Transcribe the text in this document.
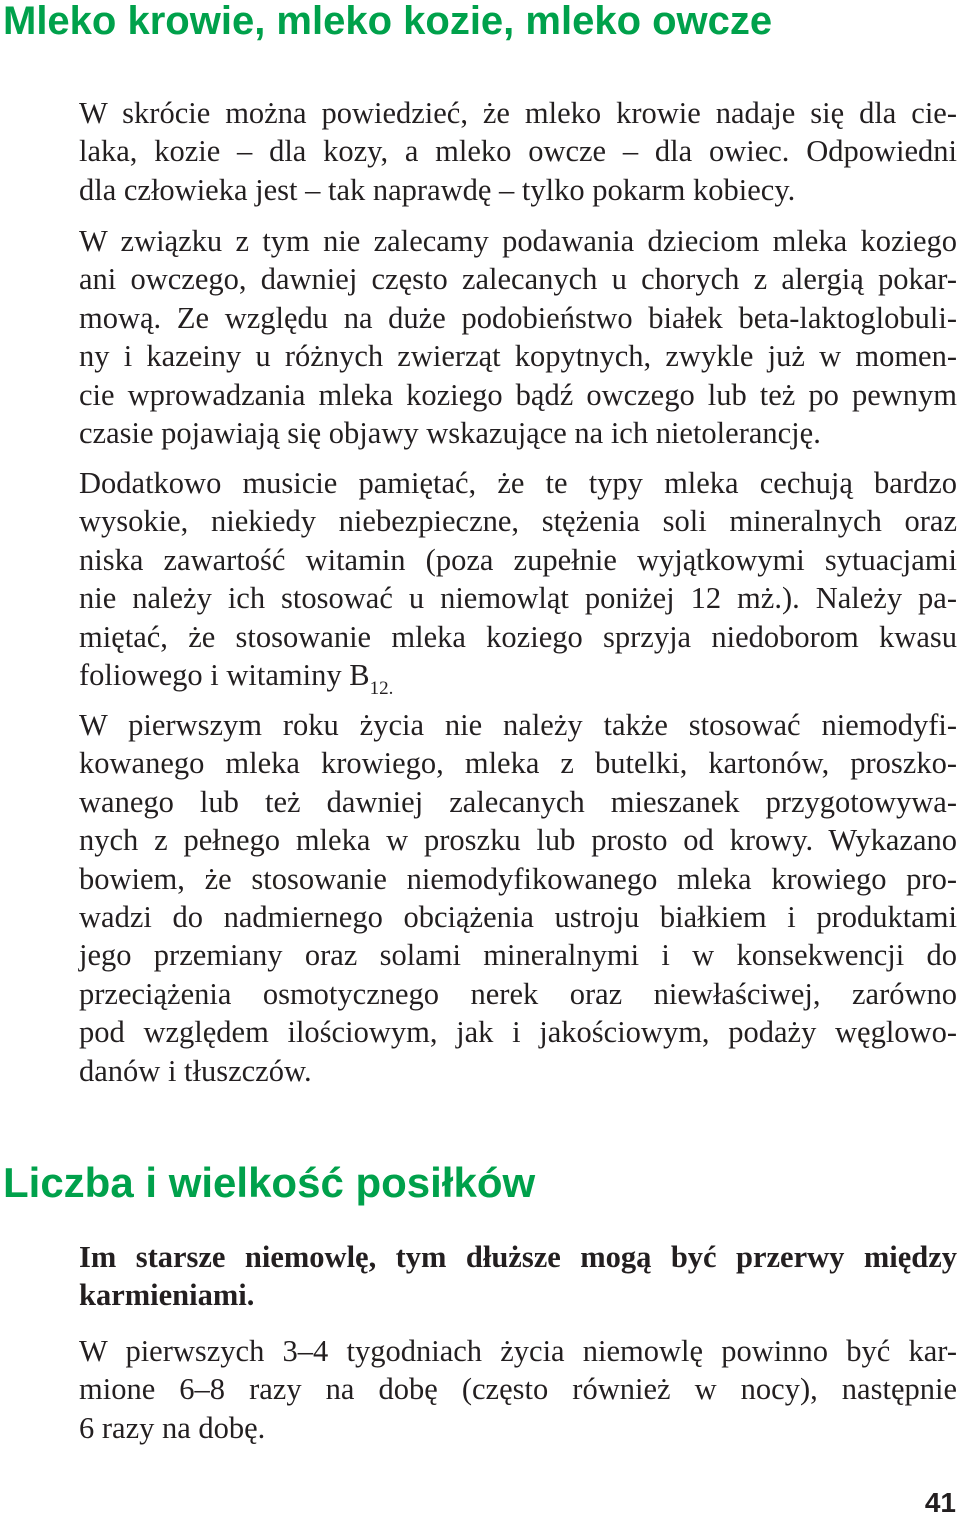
Mleko krowie, mleko kozie, mleko owcze

W skrócie można powiedzieć, że mleko krowie nadaje się dla cie-
laka, kozie – dla kozy, a mleko owcze – dla owiec. Odpowiedni
dla człowieka jest – tak naprawdę – tylko pokarm kobiecy.

W związku z tym nie zalecamy podawania dzieciom mleka koziego
ani owczego, dawniej często zalecanych u chorych z alergią pokar-
mową. Ze względu na duże podobieństwo białek beta-laktoglobuli-
ny i kazeiny u różnych zwierząt kopytnych, zwykle już w momen-
cie wprowadzania mleka koziego bądź owczego lub też po pewnym
czasie pojawiają się objawy wskazujące na ich nietolerancję.

Dodatkowo musicie pamiętać, że te typy mleka cechują bardzo
wysokie, niekiedy niebezpieczne, stężenia soli mineralnych oraz
niska zawartość witamin (poza zupełnie wyjątkowymi sytuacjami
nie należy ich stosować u niemowląt poniżej 12 mż.). Należy pa-
miętać, że stosowanie mleka koziego sprzyja niedoborom kwasu
foliowego i witaminy $B_{12.}$

W pierwszym roku życia nie należy także stosować niemodyfi-
kowanego mleka krowiego, mleka z butelki, kartonów, proszko-
wanego lub też dawniej zalecanych mieszanek przygotowywa-
nych z pełnego mleka w proszku lub prosto od krowy. Wykazano
bowiem, że stosowanie niemodyfikowanego mleka krowiego pro-
wadzi do nadmiernego obciążenia ustroju białkiem i produktami
jego przemiany oraz solami mineralnymi i w konsekwencji do
przeciążenia osmotycznego nerek oraz niewłaściwej, zarówno
pod względem ilościowym, jak i jakościowym, podaży węglowo-
danów i tłuszczów.

Liczba i wielkość posiłków

Im starsze niemowlę, tym dłuższe mogą być przerwy między
karmieniami.

W pierwszych 3–4 tygodniach życia niemowlę powinno być kar-
mione 6–8 razy na dobę (często również w nocy), następnie
6 razy na dobę.

41
